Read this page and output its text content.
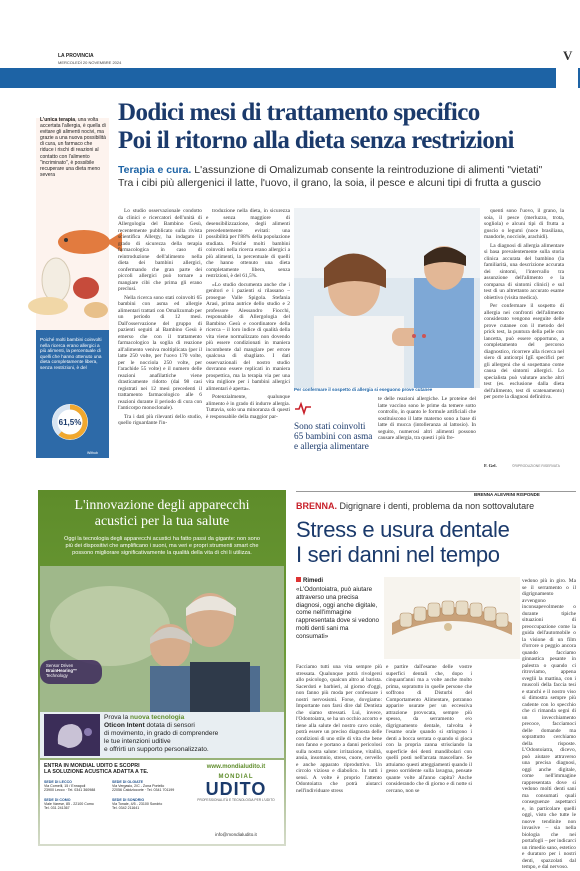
LA PROVINCIA
MERCOLEDÌ 20 NOVEMBRE 2024	V
L'unica terapia, una volta accertata l'allergia, è quella di evitare gli alimenti nocivi, ma grazie a una nuova possibilità di cura, un farmaco che riduce i rischi di reazioni al contatto con l'alimento "incriminato", è possibile recuperare una dieta meno severa
Poiché molti bambini coinvolti nella ricerca erano allergici a più alimenti, la percentuale di quelli che hanno ottenuto una dieta completamente libera, senza restrizioni, è del
61,5%
Withub
Dodici mesi di trattamento specifico
Poi il ritorno alla dieta senza restrizioni
Terapia e cura. L'assunzione di Omalizumab consente la reintroduzione di alimenti "vietati"
Tra i cibi più allergenici il latte, l'uovo, il grano, la soia, il pesce e alcuni tipi di frutta a guscio

Lo studio osservazionale condotto da clinici e ricercatori dell'unità di Allergologia del Bambino Gesù, recentemente pubblicato sulla rivista scientifica Allergy, ha indagato il grado di sicurezza della terapia farmacologica in caso di reintroduzione dell'alimento nella dieta dei bambini allergici, confermando che gran parte dei piccoli allergici può tornare a mangiare cibi che prima gli erano preclusi.

Nella ricerca sono stati coinvolti 65 bambini con asma ed allergie alimentari trattati con Omalizumab per un periodo di 12 mesi. Dall'osservazione del gruppo di pazienti seguiti al Bambino Gesù è emerso che con il trattamento farmacologico la soglia di reazione all'alimento veniva moltiplicata (per il latte 250 volte, per l'uovo 170 volte, per le nocciola 250 volte, per l'arachide 55 volte) e il numero delle reazioni anafilattiche viene drasticamente ridotto (dai 98 casi registrati nei 12 mesi precedenti il trattamento farmacologico alle 6 reazioni durante il periodo di cura con l'anticorpo monoclonale).

Tra i dati più rilevanti dello studio, quello riguardante l'in-

troduzione nella dieta, in sicurezza e senza maggiore di desensibilizzazione, degli alimenti precedentemente evitati: una possibilità per l'88% della popolazione studiata. Poiché molti bambini coinvolti nella ricerca erano allergici a più alimenti, la percentuale di quelli che hanno ottenuto una dieta completamente libera, senza restrizioni, è del 61,5%.

«Lo studio documenta anche che i genitori e i pazienti si rilassano – prosegue Valle Spigola. Stefania Arasi, prima autrice dello studio e 2 professore Alessandro Fiocchi, responsabile di Allergologia del Bambino Gesù e coordinatore della ricerca – il loro indice di qualità della vita viene normalizzato non dovendo più essere condizionati in maniera incombente dal mangiare per errore qualcosa di sbagliato. I dati osservazionali del nostro studio dovranno essere replicati in maniera prospettica, ma la terapia via per una vita migliore per i bambini allergici alimentari è aperta».

Potenzialmente, qualunque alimento è in grado di indurre allergia. Tuttavia, solo una minoranza di questi è responsabile della maggior par-

Per confermare il sospetto di allergia si eseguono prove cutanee
Sono stati coinvolti 65 bambini con asma e allergia alimentare

te delle reazioni allergiche. Le proteine del latte vaccino sono le prime da temere sotto controllo, in quanto le formule artificiali che sostituiscono il latte materno sono a base di latte di mucca (intolleranza al lattosio). In seguito, numerosi altri alimenti possono causare allergia, tra questi i più fre-

quenti sono l'uovo, il grano, la soia, il pesce (merluzzo, trota, sogliola) e alcuni tipi di frutta a guscio o legumi (noce brasiliana, mandorle, nocciole, arachidi).

La diagnosi di allergia alimentare si basa prevalentemente sulla storia clinica accurata del bambino (la familiarità, una descrizione accurata dei sintomi, l'intervallo tra assunzione dell'alimento e la comparsa di sintomi clinici) e sul test di un altrettanto accurato esame obiettivo (visita medica).

Per confermare il sospetto di allergia nei confronti dell'alimento considerato vengono eseguite delle prove cutanee con il metodo del prick test, la puntura della pelle con lancetta, può essere opportuno, a completamento del percorso diagnostico, ricorrere alla ricerca nel siero di anticorpi IgE specifici per gli allergeni che si sospettano come causa dei sintomi allergici. Lo specialista può valutare anche altri test (es. esclusione dalla dieta dell'alimento, test di scatenamento) per porre la diagnosi definitiva.

F. Gel.	©RIPRODUZIONE RISERVATA
L'innovazione degli apparecchi
acustici per la tua salute
Oggi la tecnologia degli apparecchi acustici ha fatto passi da gigante: non sono più dei dispositivi che amplificano i suoni, ma veri e propri strumenti smart che possono migliorare significativamente la qualità della vita di chi li utilizza.
Sensor Driven
BrainHearing™
Technology
Prova la nuova tecnologia
Oticon Intent dotata di sensori
di movimento, in grado di comprendere
le tue intenzioni uditive
e offrirti un supporto personalizzato.
ENTRA IN MONDIAL UDITO E SCOPRI
LA SOLUZIONE ACUSTICA ADATTA A TE.
SEDE DI LECCO
Via Cornelli, 15 / Ennapoli
23900 Lecco · Tel. 0341 360988
SEDE DI OLGIATE
Via Vergasio, 2/C - Zona Portello
22056 Calolziocorte · Tel. 0341 701199
SEDE DI COMO
Viale Varese, 85 - 22100 Como
Tel. 031 241367
SEDE DI SONDRIO
Via Tonale, 4/5 - 23100 Sondrio
Tel. 0342 211641
www.mondialudito.it
MONDIAL
UDITO
PROFESSIONALITÀ E TECNOLOGIA PER L'UDITO
info@mondialudito.it
BRENNA ALEVRINI RISPONDE
BRENNA. Digrignare i denti, problema da non sottovalutare
Stress e usura dentale
I seri danni nel tempo
Rimedi
«L'Odontoiatra, può aiutare attraverso una precisa diagnosi, oggi anche digitale, come nell'immagine rappresentata dove si vedono molti denti sani ma consumati»

Facciamo tutti una vita sempre più stressata. Qualunque potrà rivolgersi allo psicologo, qualcun altro al barista. Sacerdoti e barbieri, al giorno d'oggi, non fanno più moda per confessare i nostri nervosismi. Forse, dovgiamo: Importante non farsi dire dal Dentista che siamo stressati. Lui, invece, l'Odontoiatra, se ha un occhio accorto e tiene alla salute del nostro cavo orale, potrà essere un preciso diagnosta delle condizioni di uno stile di vita che bene non fanno e portano a danni pericolosi sulla nostra salute: irritazione, vitalità, ansia, insomnio, stress, cuore, cervello e anche apparato riproduttivo. Un circolo vizioso e diabolico. In tutti i sensi. A volte è proprio l'attento Odontoiatra che potrà aiutarci nell'individuare stress

e partire dall'esame delle vostre superfici dentali che, dopo i cinquant'anni ma a volte anche molto prima, sopratutto in quelle persone che soffrono di Disturbi del Comportamento Alimentare, potranno apparire usurate per un eccessiva attrazione provocata, sempre più spesso, da serramento e/o digrignamento dentale, talvolta è l'esame orale quando si stringono i denti a bocca serrata o quando si gioca con la propria zanna strisciando la superficie dei denti mandibolari con quelli posti nell'arcata mascellare. Se attuiamo questi atteggiamenti quando il gesso sorridente sulla lavagna, pensate quante volte all'anno capita? Anche considerando che di giorno e di notte si cercano, non se

vedono più in giro. Ma se il serramento o il digrignamento avvengono inconsapevolmente o durante tipiche situazioni di preoccupazione come la guida dell'automobile o la visione di un film d'orrore o peggio ancora quando facciamo ginnastica pesante in palestra o quando ci ritroviamo, appena sveglii la mattina, con i muscoli della faccia tesi e stanchi e il nostro viso si dimostra sempre più cadente con lo specchio che ci rimanda segni di un invecchiamento precoce, facciamoci delle domande ma soprattutto cerchiamo della risposte. L'Odontoiatra, dicevo, può aiutare attraverso una precisa diagnosi, oggi anche digitale, come nell'immagine rappresentata dove si vedono molti denti sani ma consumati quali conseguenze aspettarci e, in particolare quelli oggi, visto che tutte le nuove tendinite non invasive – sia nella biologia che nei portafogli – per indicarci un rimedio sano, estetico e duraturo per i nostri denti, spazzolati dal tempo, e dal nervoso.
